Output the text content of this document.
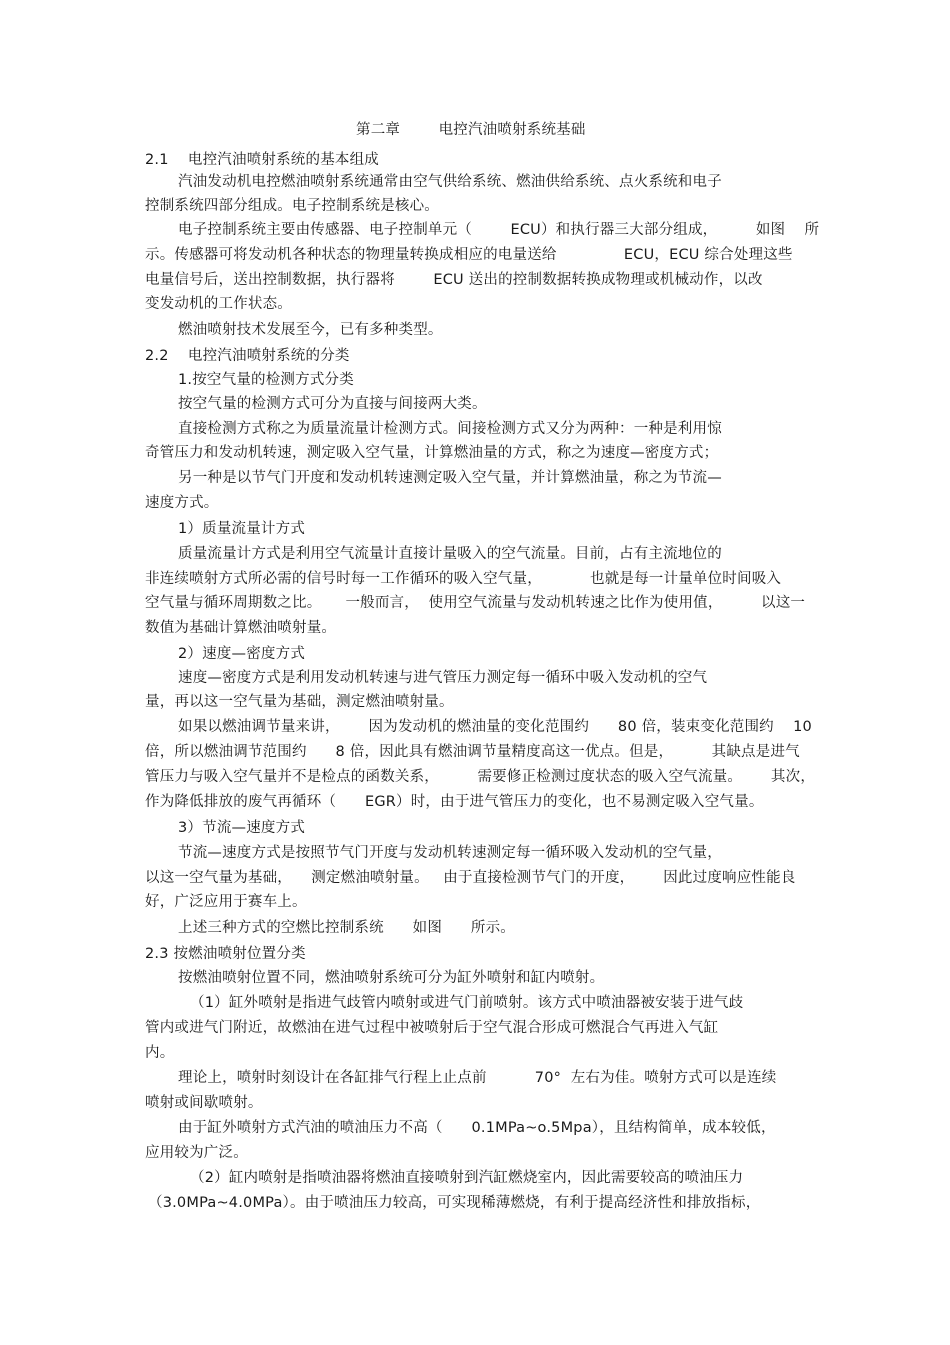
第二章        电控汽油喷射系统基础
2.1    电控汽油喷射系统的基本组成
汽油发动机电控燃油喷射系统通常由空气供给系统、燃油供给系统、点火系统和电子
控制系统四部分组成。电子控制系统是核心。
电子控制系统主要由传感器、电子控制单元（        ECU）和执行器三大部分组成，        如图    所
示。传感器可将发动机各种状态的物理量转换成相应的电量送给              ECU，ECU 综合处理这些
电量信号后，送出控制数据，执行器将        ECU 送出的控制数据转换成物理或机械动作，以改
变发动机的工作状态。
燃油喷射技术发展至今，已有多种类型。
2.2    电控汽油喷射系统的分类
1.按空气量的检测方式分类
按空气量的检测方式可分为直接与间接两大类。
直接检测方式称之为质量流量计检测方式。间接检测方式又分为两种：一种是利用惊
奇管压力和发动机转速，测定吸入空气量，计算燃油量的方式，称之为速度—密度方式；
另一种是以节气门开度和发动机转速测定吸入空气量，并计算燃油量，称之为节流—
速度方式。
1）质量流量计方式
质量流量计方式是利用空气流量计直接计量吸入的空气流量。目前，占有主流地位的
非连续喷射方式所必需的信号时每一工作循环的吸入空气量，          也就是每一计量单位时间吸入
空气量与循环周期数之比。     一般而言，  使用空气流量与发动机转速之比作为使用值，        以这一
数值为基础计算燃油喷射量。
2）速度—密度方式
速度—密度方式是利用发动机转速与进气管压力测定每一循环中吸入发动机的空气
量，再以这一空气量为基础，测定燃油喷射量。
如果以燃油调节量来讲，      因为发动机的燃油量的变化范围约      80 倍，装束变化范围约    10
倍，所以燃油调节范围约      8 倍，因此具有燃油调节量精度高这一优点。但是，        其缺点是进气
管压力与吸入空气量并不是检点的函数关系，        需要修正检测过度状态的吸入空气流量。      其次，
作为降低排放的废气再循环（      EGR）时，由于进气管压力的变化，也不易测定吸入空气量。
3）节流—速度方式
节流—速度方式是按照节气门开度与发动机转速测定每一循环吸入发动机的空气量，
以这一空气量为基础，    测定燃油喷射量。   由于直接检测节气门的开度，      因此过度响应性能良
好，广泛应用于赛车上。
上述三种方式的空燃比控制系统      如图      所示。
2.3 按燃油喷射位置分类
按燃油喷射位置不同，燃油喷射系统可分为缸外喷射和缸内喷射。
（1）缸外喷射是指进气歧管内喷射或进气门前喷射。该方式中喷油器被安装于进气歧
管内或进气门附近，故燃油在进气过程中被喷射后于空气混合形成可燃混合气再进入气缸
内。
理论上，喷射时刻设计在各缸排气行程上止点前          70°  左右为佳。喷射方式可以是连续
喷射或间歇喷射。
由于缸外喷射方式汽油的喷油压力不高（      0.1MPa~o.5Mpa），且结构简单，成本较低，
应用较为广泛。
（2）缸内喷射是指喷油器将燃油直接喷射到汽缸燃烧室内，因此需要较高的喷油压力
（3.0MPa~4.0MPa）。由于喷油压力较高，可实现稀薄燃烧，有利于提高经济性和排放指标，
